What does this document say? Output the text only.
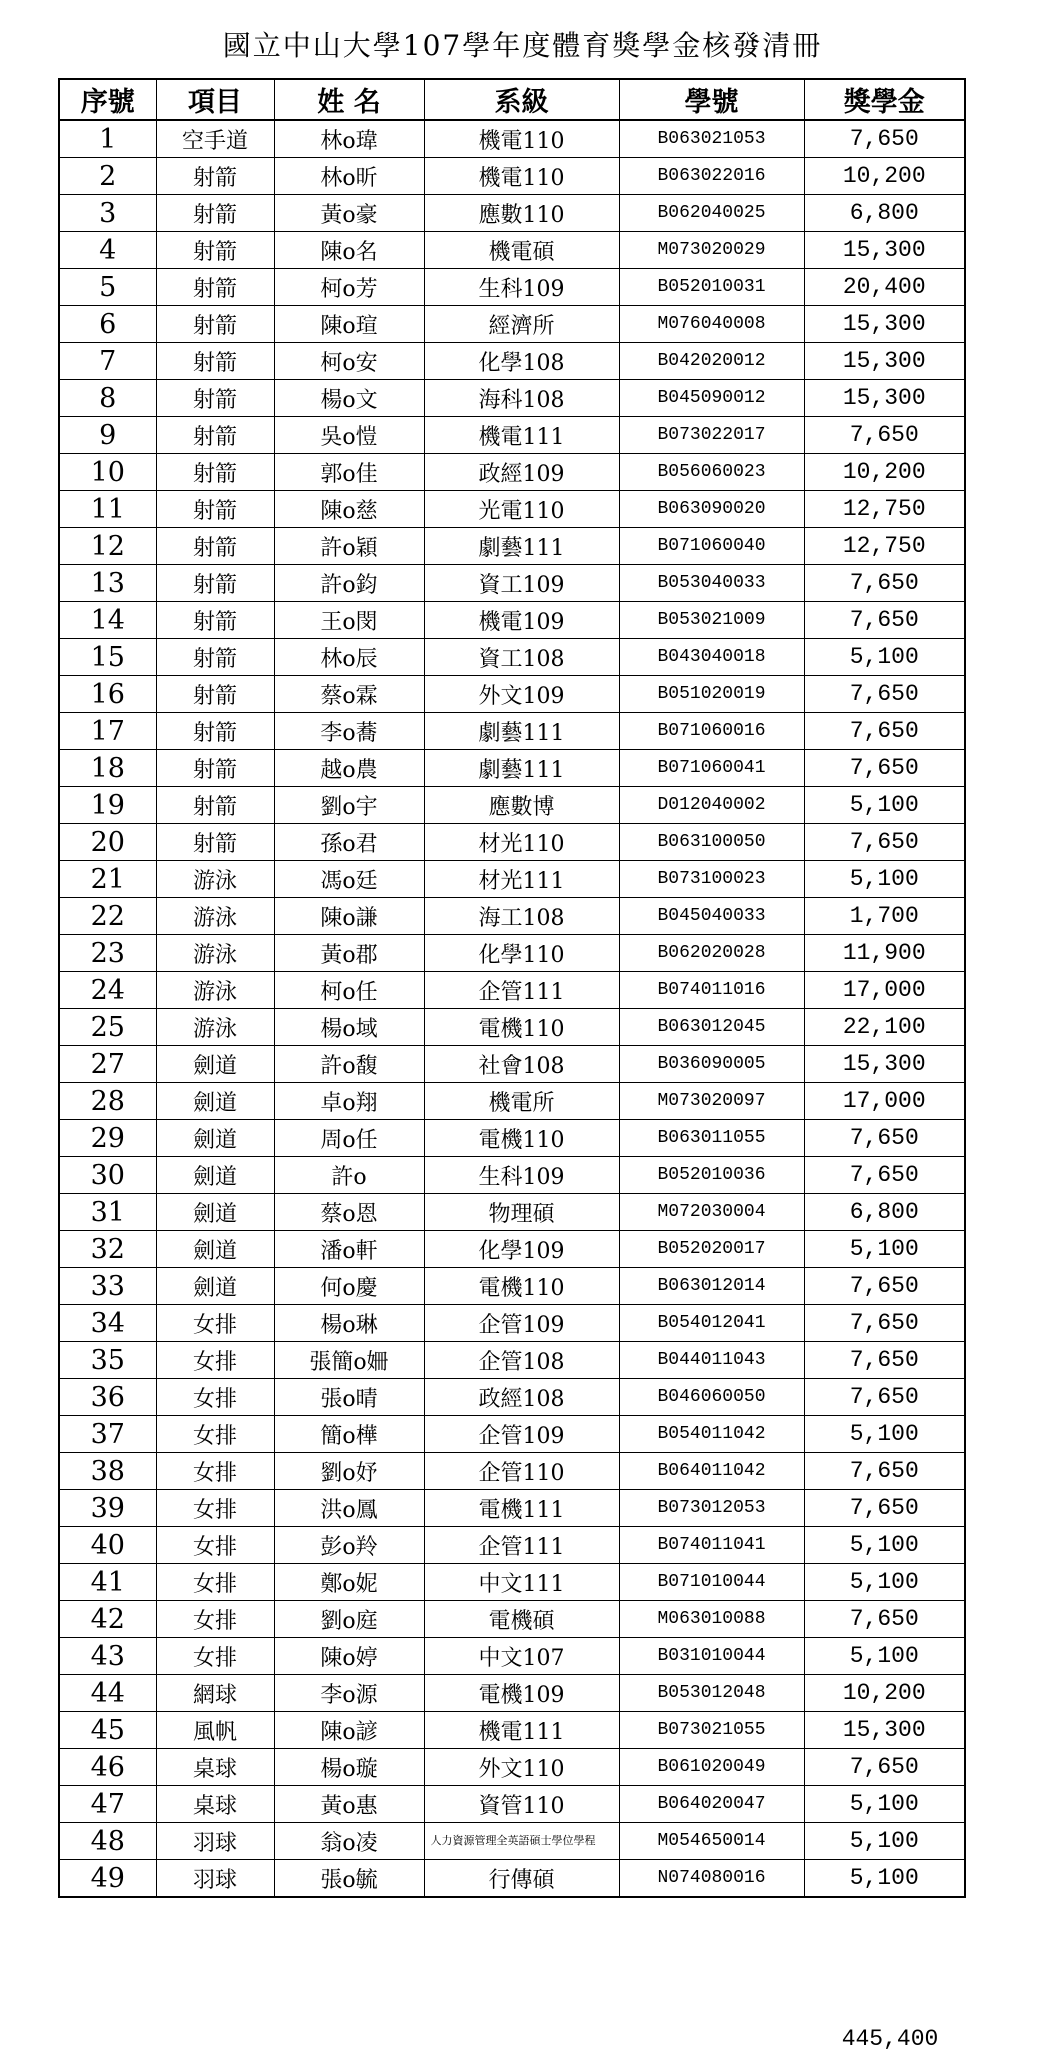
國立中山大學107學年度體育獎學金核發清冊
序號	項目	姓 名	系級	學號	獎學金
1	空手道	林o瑋	機電110	B063021053	7,650
2	射箭	林o昕	機電110	B063022016	10,200
3	射箭	黃o豪	應數110	B062040025	6,800
4	射箭	陳o名	機電碩	M073020029	15,300
5	射箭	柯o芳	生科109	B052010031	20,400
6	射箭	陳o瑄	經濟所	M076040008	15,300
7	射箭	柯o安	化學108	B042020012	15,300
8	射箭	楊o文	海科108	B045090012	15,300
9	射箭	吳o愷	機電111	B073022017	7,650
10	射箭	郭o佳	政經109	B056060023	10,200
11	射箭	陳o慈	光電110	B063090020	12,750
12	射箭	許o穎	劇藝111	B071060040	12,750
13	射箭	許o鈞	資工109	B053040033	7,650
14	射箭	王o閔	機電109	B053021009	7,650
15	射箭	林o辰	資工108	B043040018	5,100
16	射箭	蔡o霖	外文109	B051020019	7,650
17	射箭	李o蕎	劇藝111	B071060016	7,650
18	射箭	越o農	劇藝111	B071060041	7,650
19	射箭	劉o宇	應數博	D012040002	5,100
20	射箭	孫o君	材光110	B063100050	7,650
21	游泳	馮o廷	材光111	B073100023	5,100
22	游泳	陳o謙	海工108	B045040033	1,700
23	游泳	黃o郡	化學110	B062020028	11,900
24	游泳	柯o任	企管111	B074011016	17,000
25	游泳	楊o域	電機110	B063012045	22,100
27	劍道	許o馥	社會108	B036090005	15,300
28	劍道	卓o翔	機電所	M073020097	17,000
29	劍道	周o任	電機110	B063011055	7,650
30	劍道	許o	生科109	B052010036	7,650
31	劍道	蔡o恩	物理碩	M072030004	6,800
32	劍道	潘o軒	化學109	B052020017	5,100
33	劍道	何o慶	電機110	B063012014	7,650
34	女排	楊o琳	企管109	B054012041	7,650
35	女排	張簡o姍	企管108	B044011043	7,650
36	女排	張o晴	政經108	B046060050	7,650
37	女排	簡o樺	企管109	B054011042	5,100
38	女排	劉o妤	企管110	B064011042	7,650
39	女排	洪o鳳	電機111	B073012053	7,650
40	女排	彭o羚	企管111	B074011041	5,100
41	女排	鄭o妮	中文111	B071010044	5,100
42	女排	劉o庭	電機碩	M063010088	7,650
43	女排	陳o婷	中文107	B031010044	5,100
44	網球	李o源	電機109	B053012048	10,200
45	風帆	陳o諺	機電111	B073021055	15,300
46	桌球	楊o璇	外文110	B061020049	7,650
47	桌球	黃o惠	資管110	B064020047	5,100
48	羽球	翁o凌	人力資源管理全英語碩士學位學程	M054650014	5,100
49	羽球	張o毓	行傳碩	N074080016	5,100
445,400
